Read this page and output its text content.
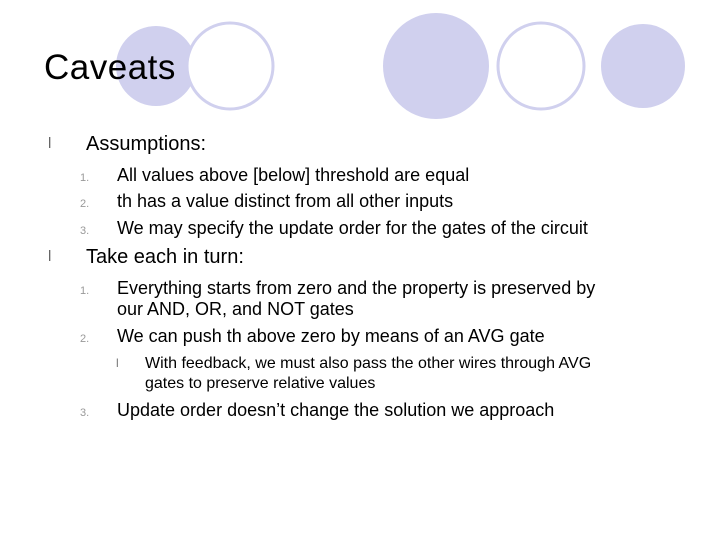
Caveats
l	Assumptions:
1. All values above [below] threshold are equal
2. th has a value distinct from all other inputs
3. We may specify the update order for the gates of the circuit
l	Take each in turn:
1. Everything starts from zero and the property is preserved by
our AND, OR, and NOT gates
2. We can push th above zero by means of an AVG gate
l	With feedback, we must also pass the other wires through AVG
gates to preserve relative values
3. Update order doesn’t change the solution we approach
